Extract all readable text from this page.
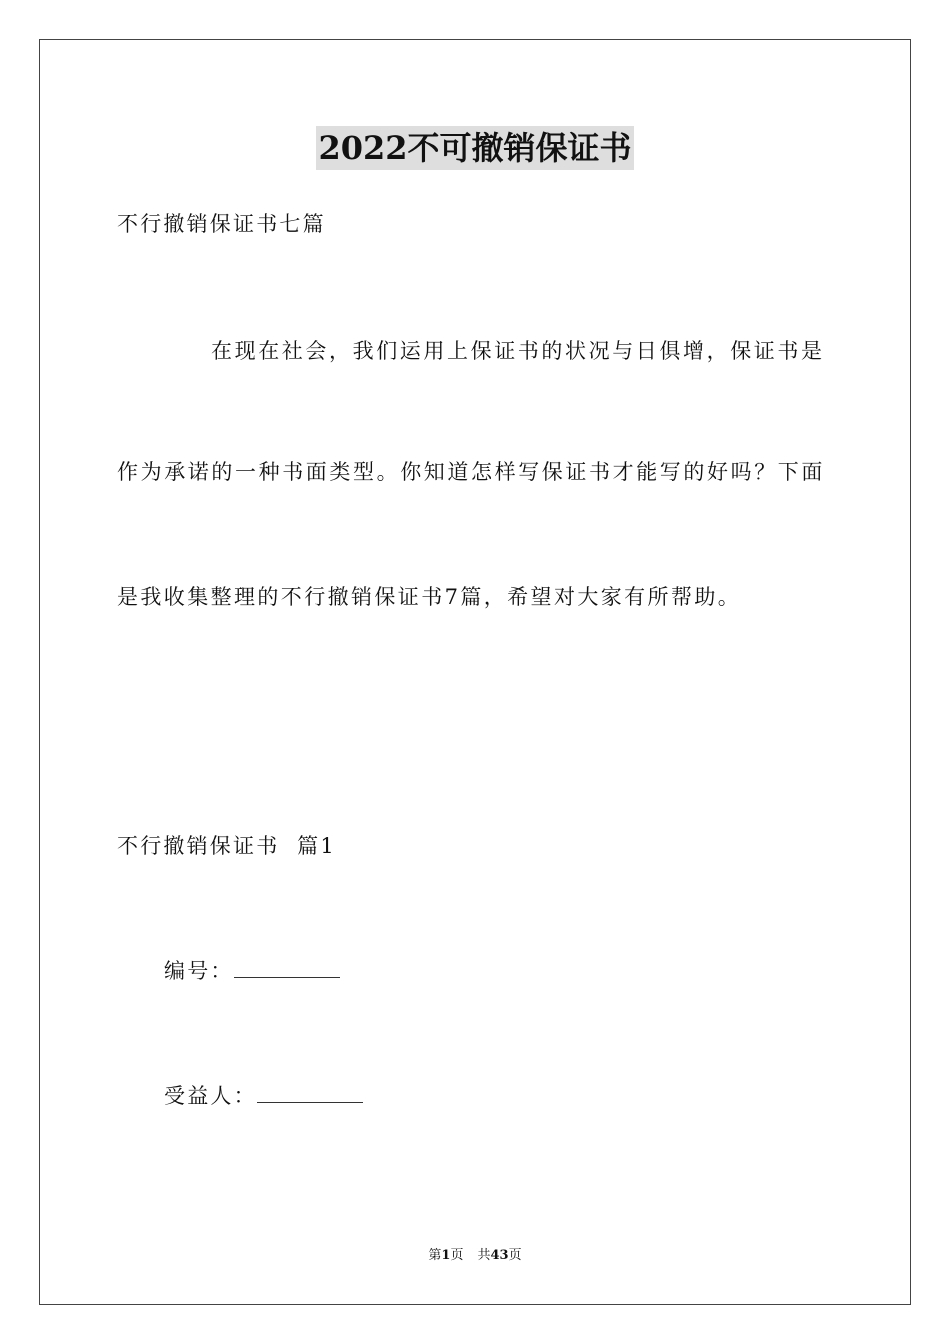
2022不可撤销保证书

不行撤销保证书七篇

在现在社会，我们运用上保证书的状况与日俱增，保证书是

作为承诺的一种书面类型。你知道怎样写保证书才能写的好吗？下面

是我收集整理的不行撤销保证书7篇，希望对大家有所帮助。

不行撤销保证书  篇1

编号：

受益人：

第1页 共43页
